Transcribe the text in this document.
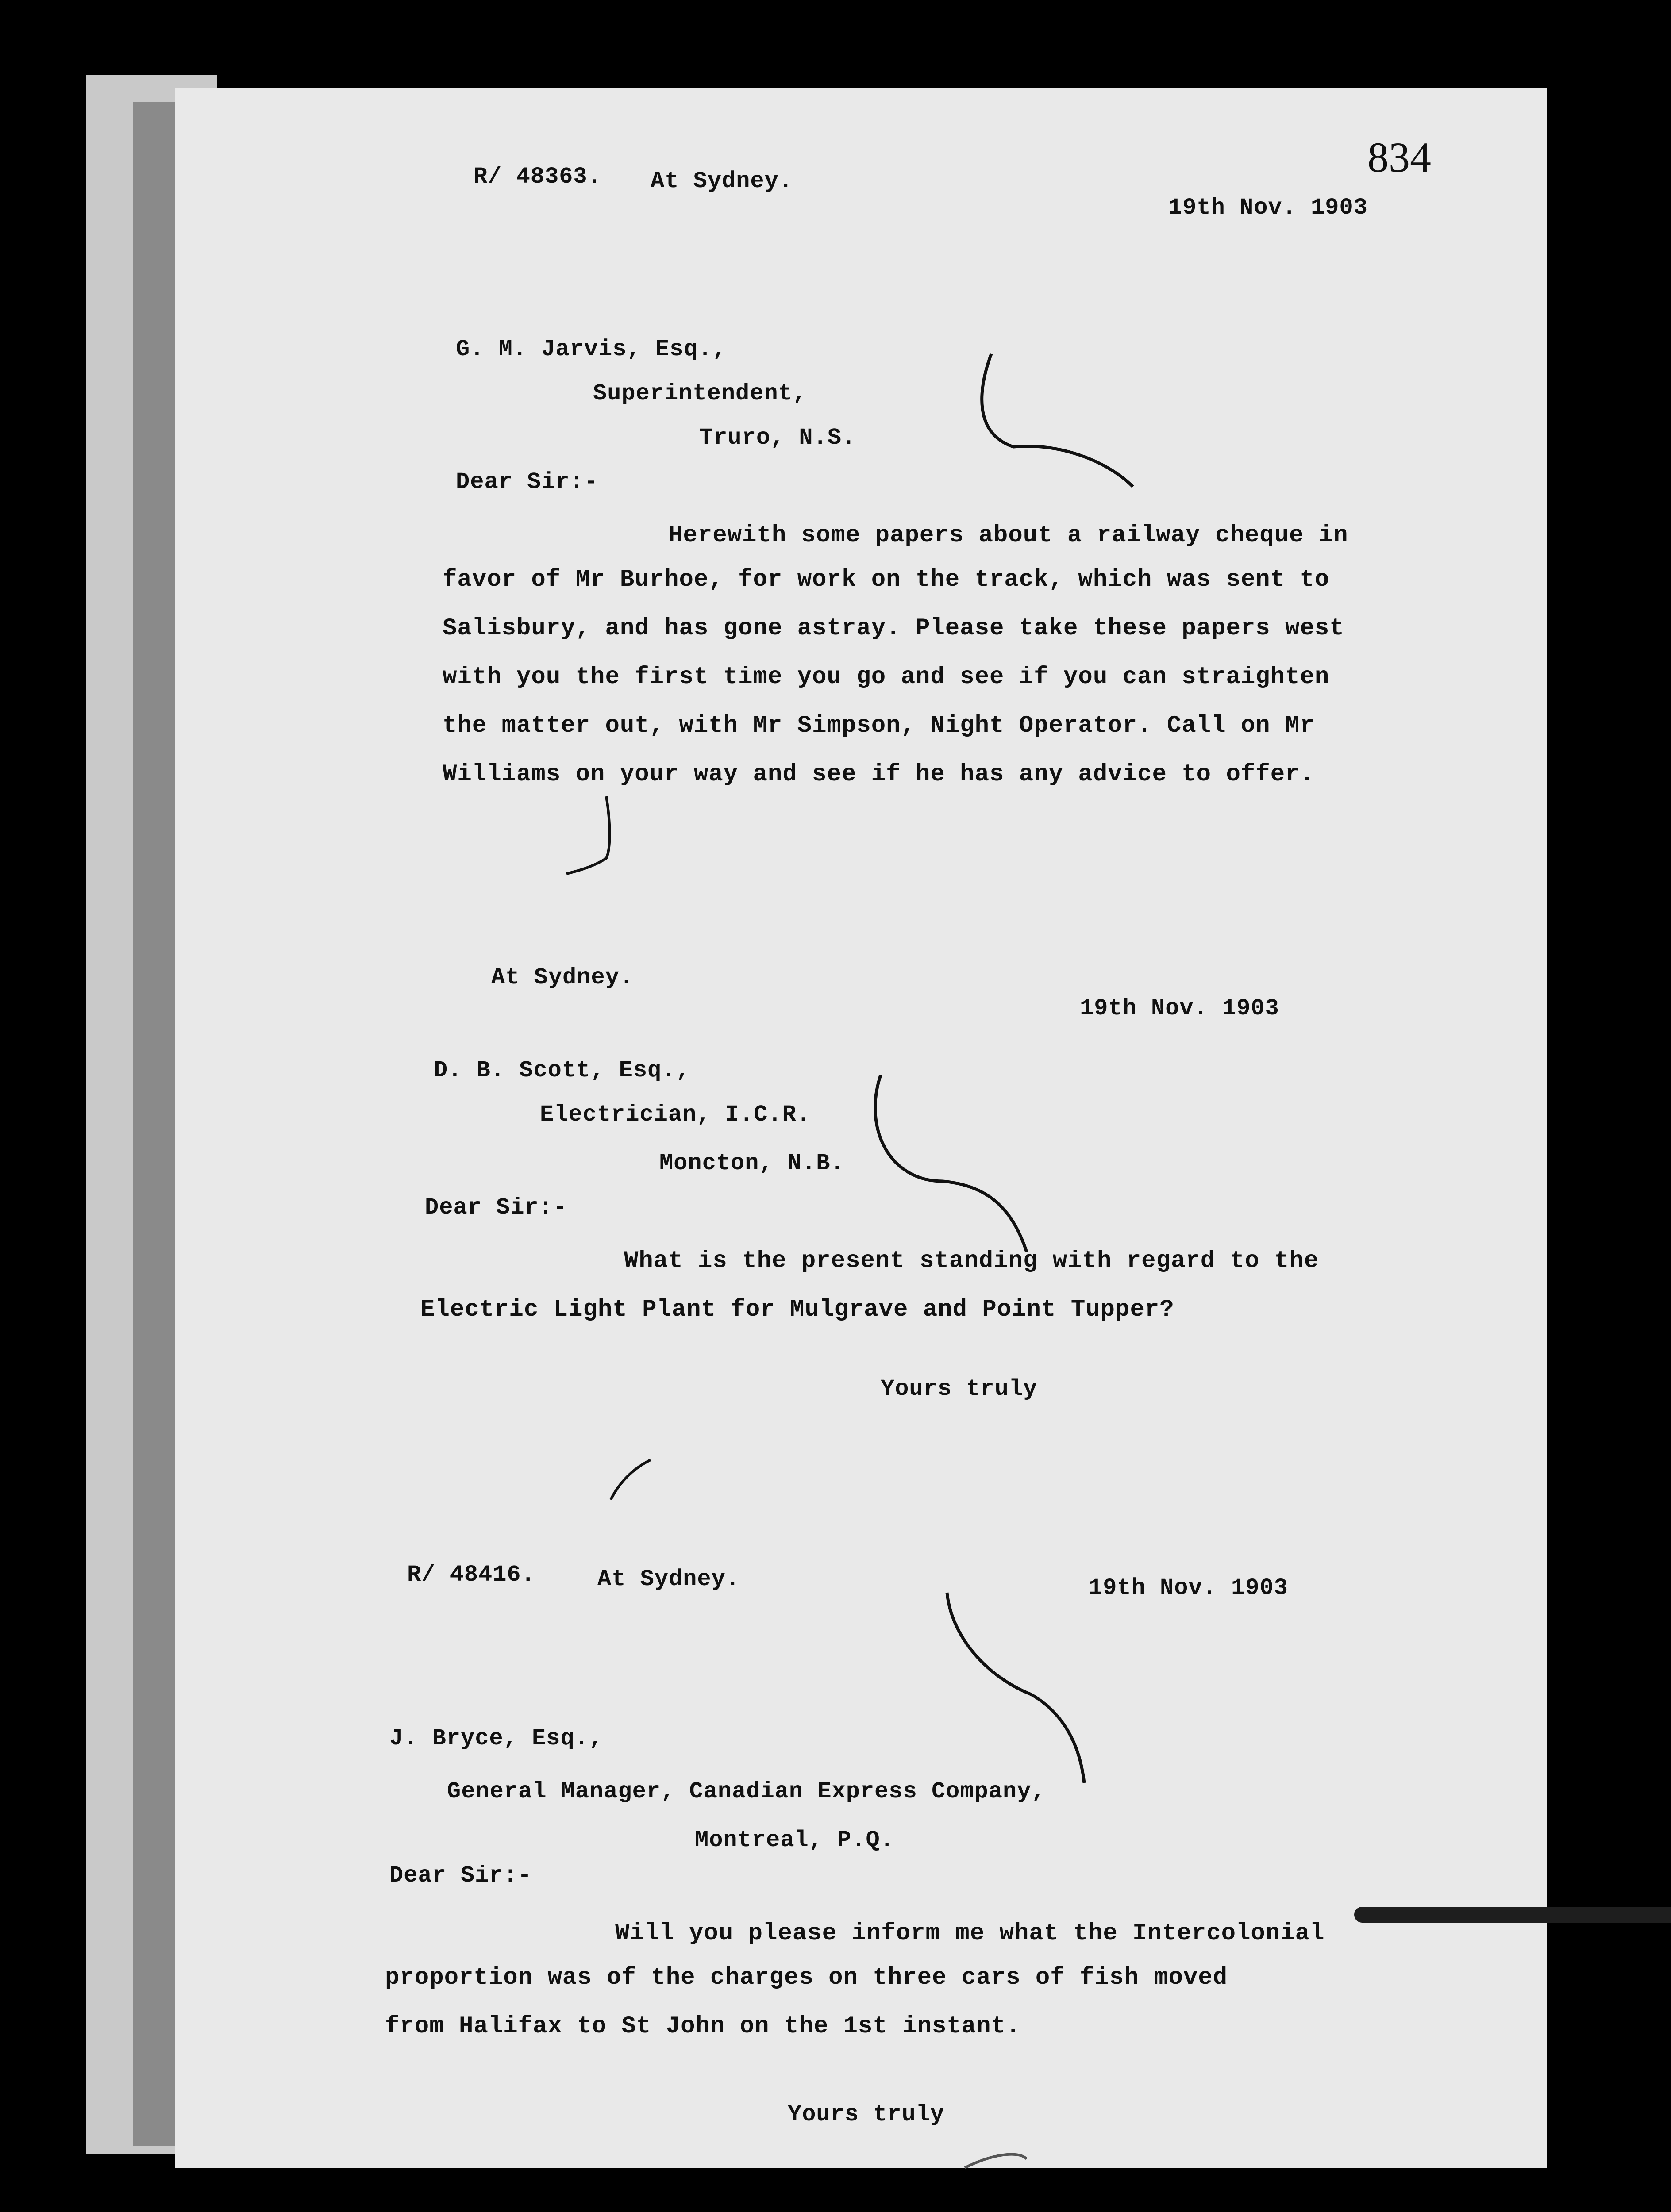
834
R/ 48363. At Sydney.
19th Nov. 1903
G. M. Jarvis, Esq.,
Superintendent,
Truro, N.S.
Dear Sir:-
Herewith some papers about a railway cheque in
favor of Mr Burhoe, for work on the track, which was sent to
Salisbury, and has gone astray. Please take these papers west
with you the first time you go and see if you can straighten
the matter out, with Mr Simpson, Night Operator. Call on Mr
Williams on your way and see if he has any advice to offer.
At Sydney.
19th Nov. 1903
D. B. Scott, Esq.,
Electrician, I.C.R.
Moncton, N.B.
Dear Sir:-
What is the present standing with regard to the
Electric Light Plant for Mulgrave and Point Tupper?
Yours truly
R/ 48416.	At Sydney.	19th Nov. 1903
J. Bryce, Esq.,
General Manager, Canadian Express Company,
Montreal, P.Q.
Dear Sir:-
Will you please inform me what the Intercolonial
proportion was of the charges on three cars of fish moved
from Halifax to St John on the 1st instant.
Yours truly
